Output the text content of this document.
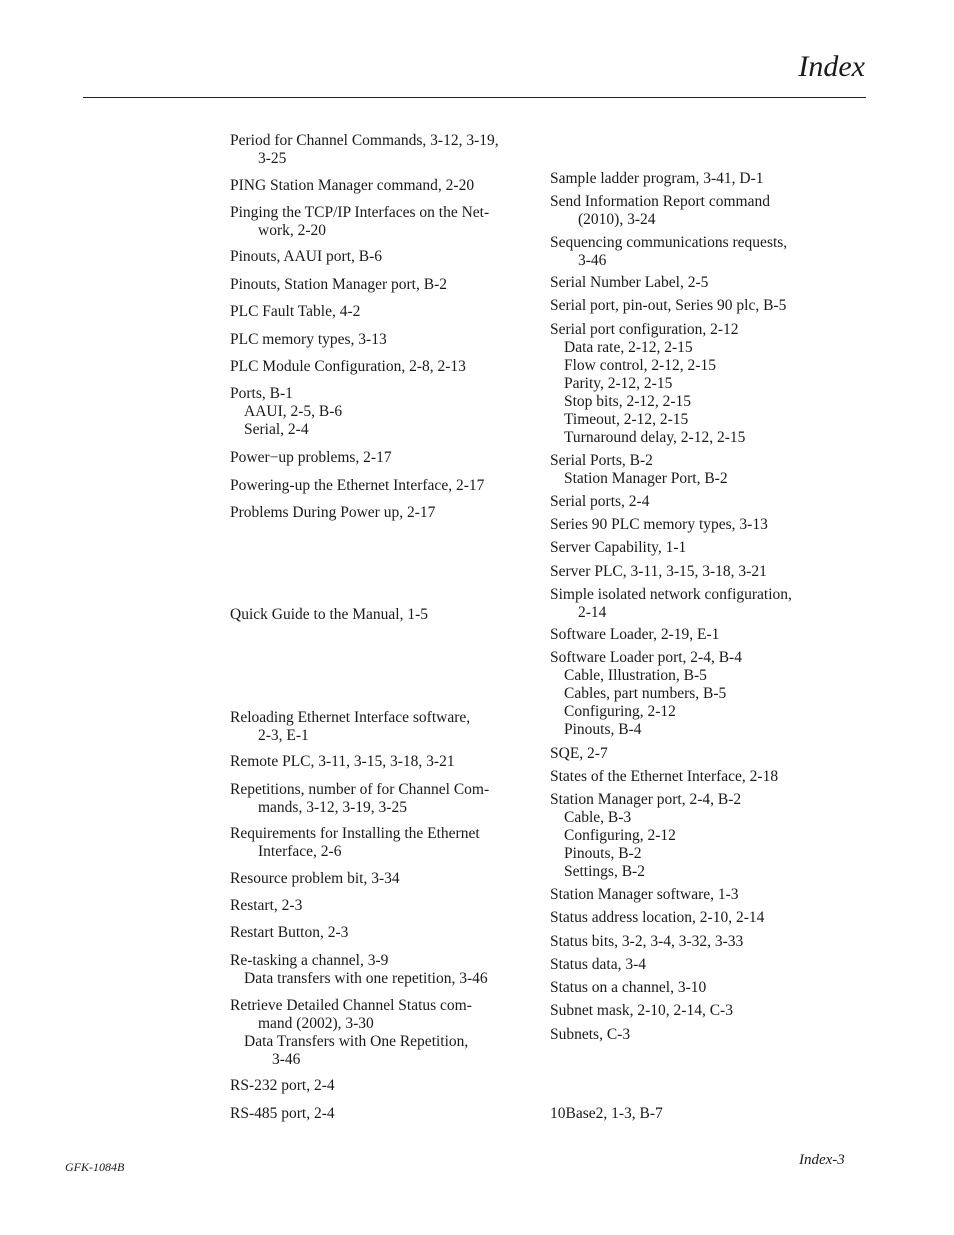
Index
Period for Channel Commands, 3-12, 3-19,
3-25
PING Station Manager command, 2-20
Pinging the TCP/IP Interfaces on the Net-
work, 2-20
Pinouts, AAUI port, B-6
Pinouts, Station Manager port, B-2
PLC Fault Table, 4-2
PLC memory types, 3-13
PLC Module Configuration, 2-8, 2-13
Ports, B-1
AAUI, 2-5, B-6
Serial, 2-4
Power−up problems, 2-17
Powering-up the Ethernet Interface, 2-17
Problems During Power up, 2-17
Quick Guide to the Manual, 1-5
Reloading Ethernet Interface software,
2-3, E-1
Remote PLC, 3-11, 3-15, 3-18, 3-21
Repetitions, number of for Channel Com-
mands, 3-12, 3-19, 3-25
Requirements for Installing the Ethernet
Interface, 2-6
Resource problem bit, 3-34
Restart, 2-3
Restart Button, 2-3
Re-tasking a channel, 3-9
Data transfers with one repetition, 3-46
Retrieve Detailed Channel Status com-
mand (2002), 3-30
Data Transfers with One Repetition,
3-46
RS-232 port, 2-4
RS-485 port, 2-4
Sample ladder program, 3-41, D-1
Send Information Report command
(2010), 3-24
Sequencing communications requests,
3-46
Serial Number Label, 2-5
Serial port, pin-out, Series 90 plc, B-5
Serial port configuration, 2-12
Data rate, 2-12, 2-15
Flow control, 2-12, 2-15
Parity, 2-12, 2-15
Stop bits, 2-12, 2-15
Timeout, 2-12, 2-15
Turnaround delay, 2-12, 2-15
Serial Ports, B-2
Station Manager Port, B-2
Serial ports, 2-4
Series 90 PLC memory types, 3-13
Server Capability, 1-1
Server PLC, 3-11, 3-15, 3-18, 3-21
Simple isolated network configuration,
2-14
Software Loader, 2-19, E-1
Software Loader port, 2-4, B-4
Cable, Illustration, B-5
Cables, part numbers, B-5
Configuring, 2-12
Pinouts, B-4
SQE, 2-7
States of the Ethernet Interface, 2-18
Station Manager port, 2-4, B-2
Cable, B-3
Configuring, 2-12
Pinouts, B-2
Settings, B-2
Station Manager software, 1-3
Status address location, 2-10, 2-14
Status bits, 3-2, 3-4, 3-32, 3-33
Status data, 3-4
Status on a channel, 3-10
Subnet mask, 2-10, 2-14, C-3
Subnets, C-3
10Base2, 1-3, B-7
GFK-1084B	Index-3
